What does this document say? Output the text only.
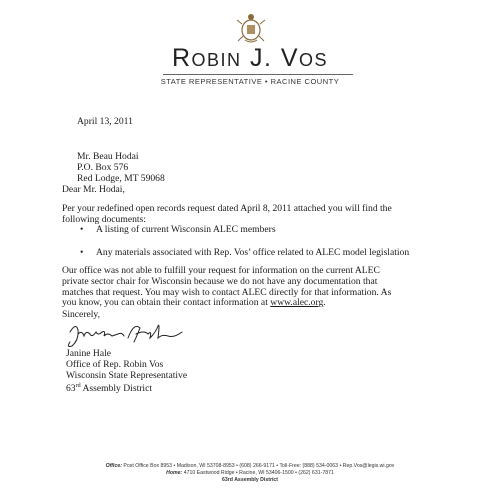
Robin J. Vos
STATE REPRESENTATIVE • RACINE COUNTY
April 13, 2011
Mr. Beau Hodai
P.O. Box 576
Red Lodge, MT 59068
Dear Mr. Hodai,
Per your redefined open records request dated April 8, 2011 attached you will find the
following documents:
• A listing of current Wisconsin ALEC members
• Any materials associated with Rep. Vos’ office related to ALEC model legislation
Our office was not able to fulfill your request for information on the current ALEC
private sector chair for Wisconsin because we do not have any documentation that
matches that request. You may wish to contact ALEC directly for that information. As
you know, you can obtain their contact information at www.alec.org.
Sincerely,
Janine Hale
Office of Rep. Robin Vos
Wisconsin State Representative
63rd Assembly District
Office: Post Office Box 8953 • Madison, WI 53708-8953 • (608) 266-9171 • Toll-Free: (888) 534-0063 • Rep.Vos@legis.wi.gov
Home: 4710 Eastwood Ridge • Racine, WI 53406-1500 • (262) 631-7871
63rd Assembly District
